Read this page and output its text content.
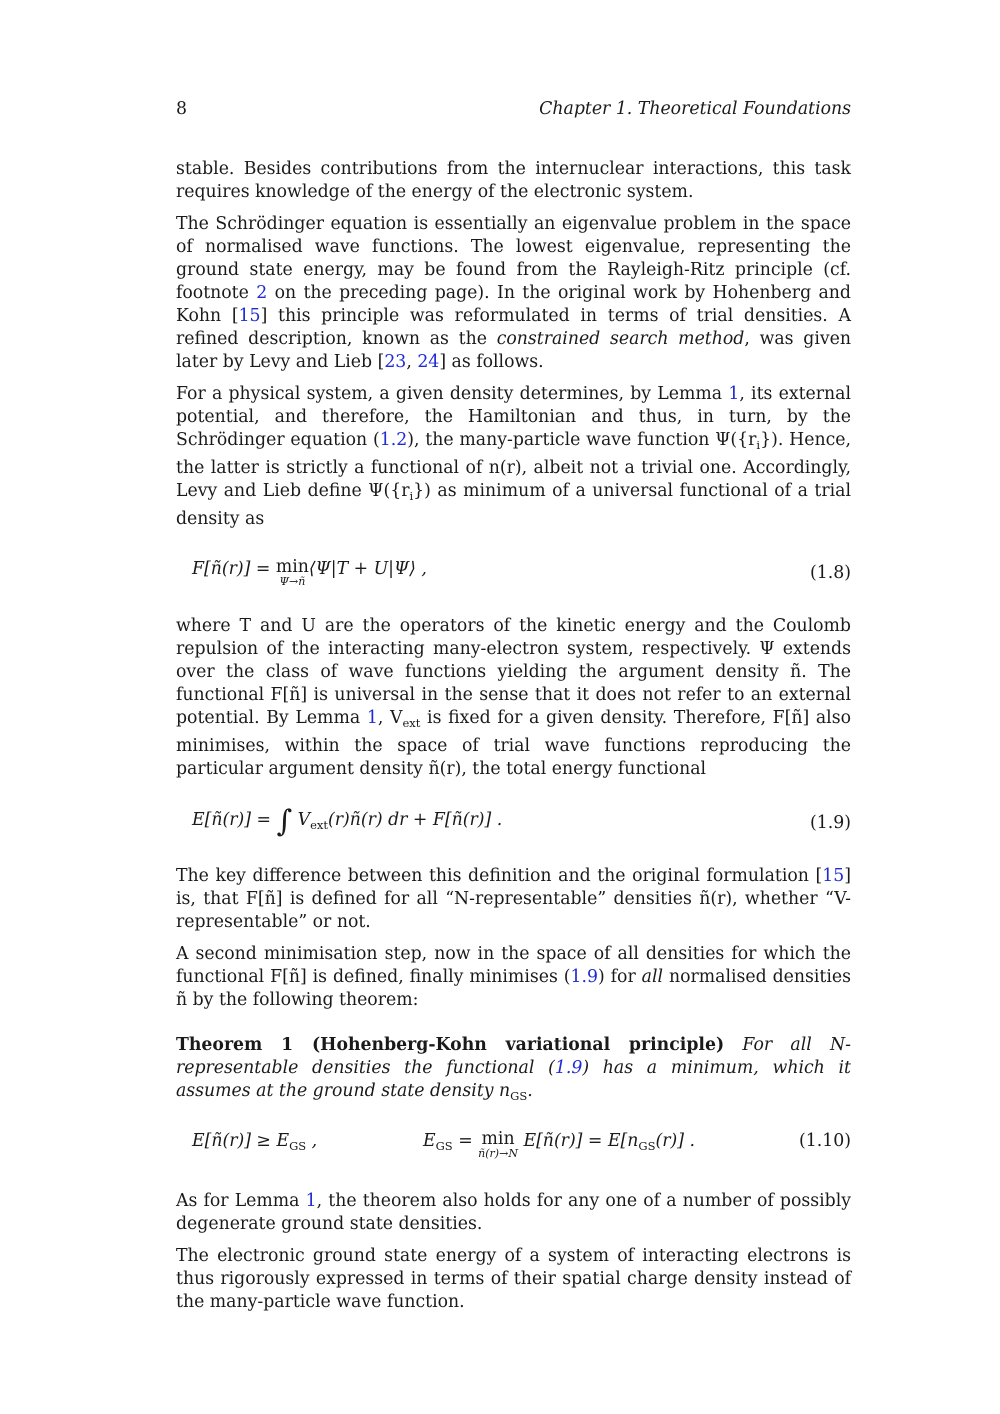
8	Chapter 1. Theoretical Foundations

stable. Besides contributions from the internuclear interactions, this task requires knowledge of the energy of the electronic system.

The Schrödinger equation is essentially an eigenvalue problem in the space of normalised wave functions. The lowest eigenvalue, representing the ground state energy, may be found from the Rayleigh-Ritz principle (cf. footnote 2 on the preceding page). In the original work by Hohenberg and Kohn [15] this principle was reformulated in terms of trial densities. A refined description, known as the constrained search method, was given later by Levy and Lieb [23, 24] as follows.

For a physical system, a given density determines, by Lemma 1, its external potential, and therefore, the Hamiltonian and thus, in turn, by the Schrödinger equation (1.2), the many-particle wave function $\Psi(\{r_i\})$. Hence, the latter is strictly a functional of n(r), albeit not a trivial one. Accordingly, Levy and Lieb define $\Psi(\{r_i\})$ as minimum of a universal functional of a trial density as

F[ñ(r)] = min
Ψ→ñ
⟨Ψ|T + U|Ψ⟩ ,	(1.8)

where T and U are the operators of the kinetic energy and the Coulomb repulsion of the interacting many-electron system, respectively. Ψ extends over the class of wave functions yielding the argument density ñ. The functional F[ñ] is universal in the sense that it does not refer to an external potential. By Lemma 1, $V_{ext}$ is fixed for a given density. Therefore, F[ñ] also minimises, within the space of trial wave functions reproducing the particular argument density ñ(r), the total energy functional

E[ñ(r)] = ∫ $V_{ext}(r)ñ(r)$ dr + F[ñ(r)] .	(1.9)

The key difference between this definition and the original formulation [15] is, that F[ñ] is defined for all “N-representable” densities ñ(r), whether “V-representable” or not.

A second minimisation step, now in the space of all densities for which the functional F[ñ] is defined, finally minimises (1.9) for all normalised densities ñ by the following theorem:

Theorem 1 (Hohenberg-Kohn variational principle) For all N-representable densities the functional (1.9) has a minimum, which it assumes at the ground state density $n_{GS}$.

E[ñ(r)] ≥ $E_{GS}$ ,	$E_{GS} = \min$
ñ(r)→N
E[ñ(r)] = $E[n_{GS}(r)]$ .	(1.10)

As for Lemma 1, the theorem also holds for any one of a number of possibly degenerate ground state densities.

The electronic ground state energy of a system of interacting electrons is thus rigorously expressed in terms of their spatial charge density instead of the many-particle wave function.
